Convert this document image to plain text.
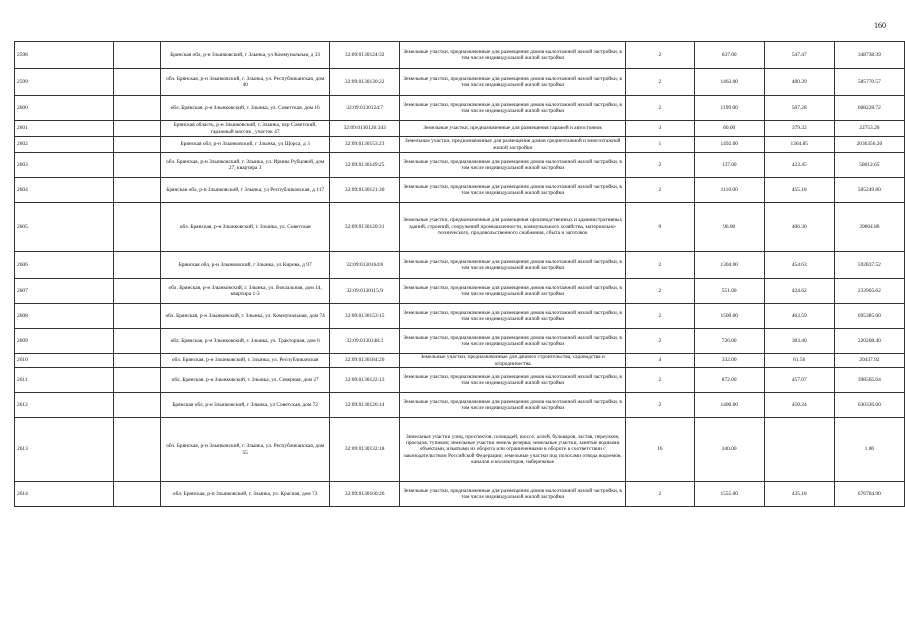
160
2598		Брянская обл, р-н Злынковский, г Злынка, ул Коммунальная, д 33	32:09:0130124:32	Земельные участки, предназначенные для размещения домов малоэтажной жилой застройки, в том числе индивидуальной жилой застройки	2	637.00	547.47	348738.39
2599		обл. Брянская, р-н Злынковский, г. Злынка, ул. Республиканская, дом 40	32:09:0130130:22	Земельные участки, предназначенные для размещения домов малоэтажной жилой застройки, в том числе индивидуальной жилой застройки	2	1463.00	400.39	585770.57
2600		обл. Брянская, р-н Злынковский, г. Злынка, ул. Советская, дом 16	32:09:0130124:7	Земельные участки, предназначенные для размещения домов малоэтажной жилой застройки, в том числе индивидуальной жилой застройки	2	1199.00	507.28	608228.72
2601		Брянская область, р-н Злынковский, г. Злынка, пер Советский, гаражный массив , участок 47	32:09:0130126:343	Земельные участки, предназначенные для размещения гаражей и автостоянок	3	60.00	379.22	22753.20
2602		Брянская обл, р-н Злынковский, г Злынка, ул Щорса, д 3	32:09:0130153:23	Земельные участки, предназначенные для размещения домов среднеэтажной и многоэтажной жилой застройки	1	1492.00	1364.85	2036356.20
2603		обл. Брянская, р-н Злынковский, г. Злынка, ул. Ирины Рубцовой, дом 27, квартира 3	32:09:0130149:25	Земельные участки, предназначенные для размещения домов малоэтажной жилой застройки, в том числе индивидуальной жилой застройки	2	137.00	423.45	58012.65
2604		Брянская обл, р-н Злынковский, г Злынка, ул Республиканская, д 117	32:09:0130121:30	Земельные участки, предназначенные для размещения домов малоэтажной жилой застройки, в том числе индивидуальной жилой застройки	2	1110.00	455.18	505249.80
2605		обл. Брянская, р-н Злынковский, г. Злынка, ул. Советская	32:09:0130120:31	Земельные участки, предназначенные для размещения производственных и административных зданий, строений, сооружений промышленности, коммунального хозяйства, материально-технического, продовольственного снабжения, сбыта и заготовок	9	96.00	406.30	39004.80
2606		Брянская обл, р-н Злынковский, г Злынка, ул Кирова, д 97	32:09:0130164:8	Земельные участки, предназначенные для размещения домов малоэтажной жилой застройки, в том числе индивидуальной жилой застройки	2	1304.00	454.63	592837.52
2607		обл. Брянская, р-н Злынковский, г. Злынка, ул. Вокзальная, дом 14, квартира 1-2	32:09:0130115:9	Земельные участки, предназначенные для размещения домов малоэтажной жилой застройки, в том числе индивидуальной жилой застройки	2	551.00	424.62	233965.62
2608		обл. Брянская, р-н Злынковский, г. Злынка, ул. Коммунальная, дом 74	32:09:0130153:15	Земельные участки, предназначенные для размещения домов малоэтажной жилой застройки, в том числе индивидуальной жилой застройки	2	1500.00	463.59	695385.00
2609		обл. Брянская, р-н Злынковский, г. Злынка, ул. Тракторная, дом 6	32:09:0130148:3	Земельные участки, предназначенные для размещения домов малоэтажной жилой застройки, в том числе индивидуальной жилой застройки	2	726.00	303.40	220268.40
2610		обл. Брянская, р-н Злынковский, г. Злынка, ул. Республиканская	32:09:0130184:26	Земельные участки, предназначенные для дачного строительства, садоводства и огородничества	4	332.00	61.56	20437.92
2611		обл. Брянская, р-н Злынковский, г. Злынка, ул. Северная, дом 27	32:09:0130122:13	Земельные участки, предназначенные для размещения домов малоэтажной жилой застройки, в том числе индивидуальной жилой застройки	2	872.00	457.07	398565.04
2612		Брянская обл, р-н Злынковский, г Злынка, ул Советская, дом 72	32:09:0130126:14	Земельные участки, предназначенные для размещения домов малоэтажной жилой застройки, в том числе индивидуальной жилой застройки	2	1400.00	450.24	630336.00
2613		обл. Брянская, р-н Злынковский, г. Злынка, ул. Республиканская, дом 55	32:09:0130132:18	Земельные участки улиц, проспектов, площадей, шоссе, аллей, бульваров, застав, переулков, проездов, тупиков; земельные участки земель резерва; земельные участки, занятые водными объектами, изъятыми из оборота или ограниченными в обороте в соответствии с законодательством Российской Федерации; земельные участки под полосами отвода водоемов, каналов и коллекторов, набережные	16	340.00		1.00
2614		обл. Брянская, р-н Злынковский, г. Злынка, ул. Красная, дом 73	32:09:0130160:26	Земельные участки, предназначенные для размещения домов малоэтажной жилой застройки, в том числе индивидуальной жилой застройки	2	1555.00	435.18	676704.90
